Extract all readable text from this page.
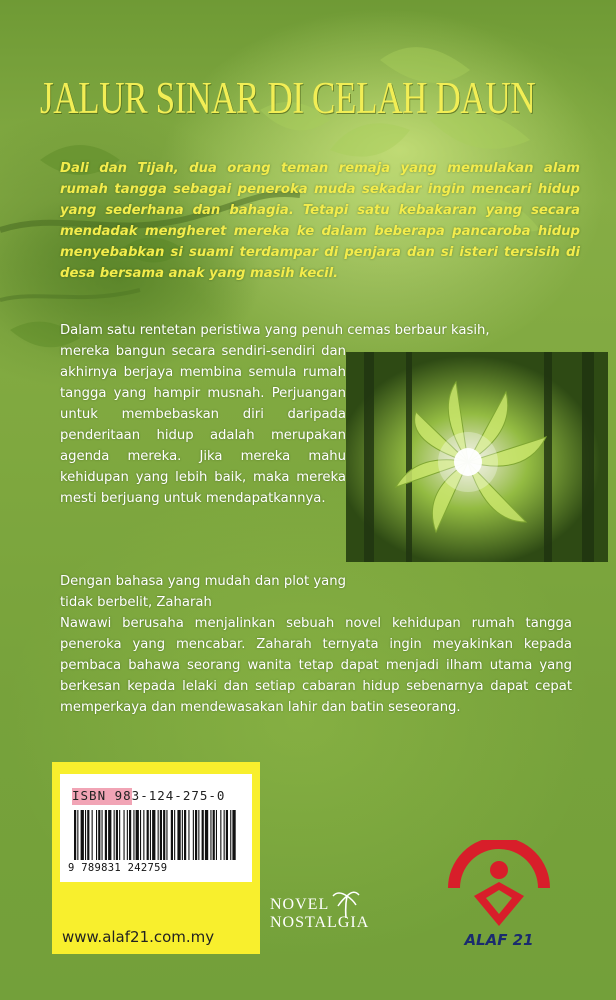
JALUR SINAR DI CELAH DAUN
Dali dan Tijah, dua orang teman remaja yang memulakan alam rumah tangga sebagai peneroka muda sekadar ingin mencari hidup yang sederhana dan bahagia. Tetapi satu kebakaran yang secara mendadak mengheret mereka ke dalam beberapa pancaroba hidup menyebabkan si suami terdampar di penjara dan si isteri tersisih di desa bersama anak yang masih kecil.
Dalam satu rentetan peristiwa yang penuh cemas berbaur kasih,
mereka bangun secara sendiri-sendiri dan akhirnya berjaya membina semula rumah tangga yang hampir musnah. Perjuangan untuk membebaskan diri daripada penderitaan hidup adalah merupakan agenda mereka. Jika mereka mahu kehidupan yang lebih baik, maka mereka mesti berjuang untuk mendapatkannya.
Dengan bahasa yang mudah dan plot yang tidak berbelit, Zaharah
Nawawi berusaha menjalinkan sebuah novel kehidupan rumah tangga peneroka yang mencabar. Zaharah ternyata ingin meyakinkan kepada pembaca bahawa seorang wanita tetap dapat menjadi ilham utama yang berkesan kepada lelaki dan setiap cabaran hidup sebenarnya dapat cepat memperkaya dan mendewasakan lahir dan batin seseorang.
ISBN 983-124-275-0
9 789831 242759
www.alaf21.com.my
NOVEL
NOSTALGIA
ALAF 21
